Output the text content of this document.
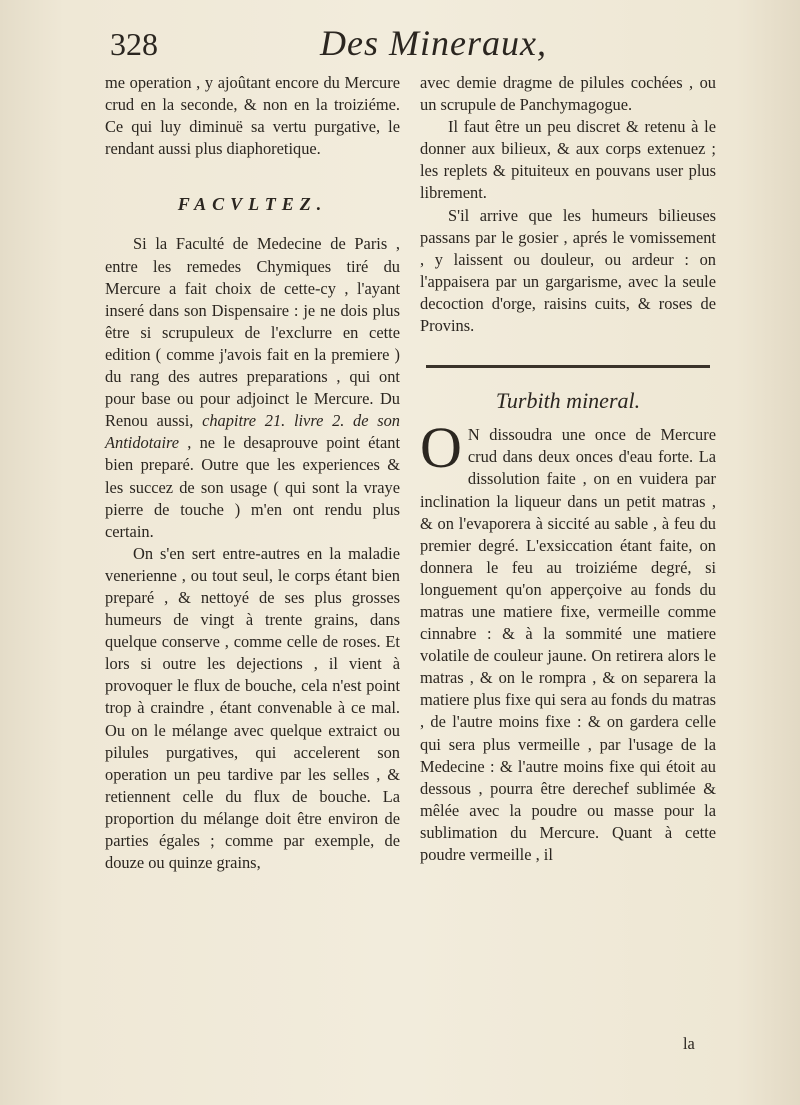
328	Des Mineraux,

me operation , y ajoûtant encore du Mercure crud en la seconde, & non en la troiziéme. Ce qui luy diminuë sa vertu purgative, le rendant aussi plus diaphoretique.

FACVLTEZ.

Si la Faculté de Medecine de Paris , entre les remedes Chymiques tiré du Mercure a fait choix de cette-cy , l'ayant inseré dans son Dispensaire : je ne dois plus être si scrupuleux de l'exclurre en cette edition ( comme j'avois fait en la premiere ) du rang des autres preparations , qui ont pour base ou pour adjoinct le Mercure. Du Renou aussi, chapitre 21. livre 2. de son Antidotaire , ne le desaprouve point étant bien preparé. Outre que les experiences & les succez de son usage ( qui sont la vraye pierre de touche ) m'en ont rendu plus certain.

On s'en sert entre-autres en la maladie venerienne , ou tout seul, le corps étant bien preparé , & nettoyé de ses plus grosses humeurs de vingt à trente grains, dans quelque conserve , comme celle de roses. Et lors si outre les dejections , il vient à provoquer le flux de bouche, cela n'est point trop à craindre , étant convenable à ce mal. Ou on le mélange avec quelque extraict ou pilules purgatives, qui accelerent son operation un peu tardive par les selles , & retiennent celle du flux de bouche. La proportion du mélange doit être environ de parties égales ; comme par exemple, de douze ou quinze grains,

avec demie dragme de pilules cochées , ou un scrupule de Panchymagogue.

Il faut être un peu discret & retenu à le donner aux bilieux, & aux corps extenuez ; les replets & pituiteux en pouvans user plus librement.

S'il arrive que les humeurs bilieuses passans par le gosier , aprés le vomissement , y laissent ou douleur, ou ardeur : on l'appaisera par un gargarisme, avec la seule decoction d'orge, raisins cuits, & roses de Provins.

Turbith mineral.

O N dissoudra une once de Mercure crud dans deux onces d'eau forte. La dissolution faite , on en vuidera par inclination la liqueur dans un petit matras , & on l'evaporera à siccité au sable , à feu du premier degré. L'exsiccation étant faite, on donnera le feu au troiziéme degré, si longuement qu'on apperçoive au fonds du matras une matiere fixe, vermeille comme cinnabre : & à la sommité une matiere volatile de couleur jaune. On retirera alors le matras , & on le rompra , & on separera la matiere plus fixe qui sera au fonds du matras , de l'autre moins fixe : & on gardera celle qui sera plus vermeille , par l'usage de la Medecine : & l'autre moins fixe qui étoit au dessous , pourra être derechef sublimée & mêlée avec la poudre ou masse pour la sublimation du Mercure. Quant à cette poudre vermeille , il

la
